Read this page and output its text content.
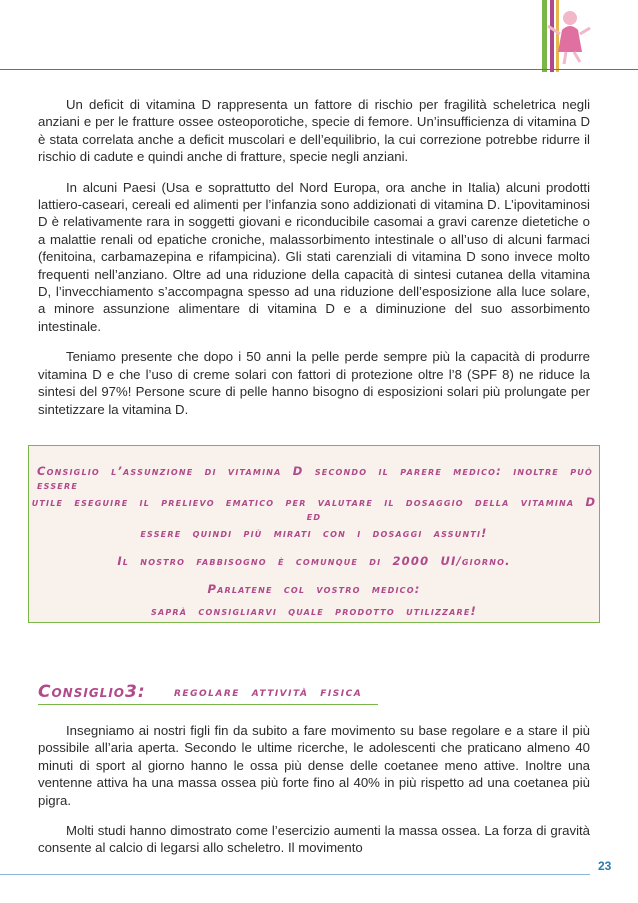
Un deficit di vitamina D rappresenta un fattore di rischio per fragilità scheletrica negli anziani e per le fratture ossee osteoporotiche, specie di femore. Un’insufficienza di vitamina D è stata correlata anche a deficit muscolari e dell’equilibrio, la cui correzione potrebbe ridurre il rischio di cadute e quindi anche di fratture, specie negli anziani.

In alcuni Paesi (Usa e soprattutto del Nord Europa, ora anche in Italia) alcuni prodotti lattiero-caseari, cereali ed alimenti per l’infanzia sono addizionati di vitamina D. L’ipovitaminosi D è relativamente rara in soggetti giovani e riconducibile casomai a gravi carenze dietetiche o a malattie renali od epatiche croniche, malassorbimento intestinale o all’uso di alcuni farmaci (fenitoina, carbamazepina e rifampicina). Gli stati carenziali di vitamina D sono invece molto frequenti nell’anziano. Oltre ad una riduzione della capacità di sintesi cutanea della vitamina D, l’invecchiamento s’accompagna spesso ad una riduzione dell’esposizione alla luce solare, a minore assunzione alimentare di vitamina D e a diminuzione del suo assorbimento intestinale.

Teniamo presente che dopo i 50 anni la pelle perde sempre più la capacità di produrre vitamina D e che l’uso di creme solari con fattori di protezione oltre l’8 (SPF 8) ne riduce la sintesi del 97%! Persone scure di pelle hanno bisogno di esposizioni solari più prolungate per sintetizzare la vitamina D.

Consiglio l’assunzione di vitamina D secondo il parere medico: inoltre può essere
utile eseguire il prelievo ematico per valutare il dosaggio della vitamina D ed
essere quindi più mirati con i dosaggi assunti!
Il nostro fabbisogno è comunque di 2000 UI/giorno.
Parlatene col vostro medico:
saprà consigliarvi quale prodotto utilizzare!
Consiglio3: regolare attività fisica

Insegniamo ai nostri figli fin da subito a fare movimento su base regolare e a stare il più possibile all’aria aperta. Secondo le ultime ricerche, le adolescenti che praticano almeno 40 minuti di sport al giorno hanno le ossa più dense delle coetanee meno attive. Inoltre una ventenne attiva ha una massa ossea più forte fino al 40% in più rispetto ad una coetanea più pigra.

Molti studi hanno dimostrato come l’esercizio aumenti la massa ossea. La forza di gravità consente al calcio di legarsi allo scheletro. Il movimento

23
